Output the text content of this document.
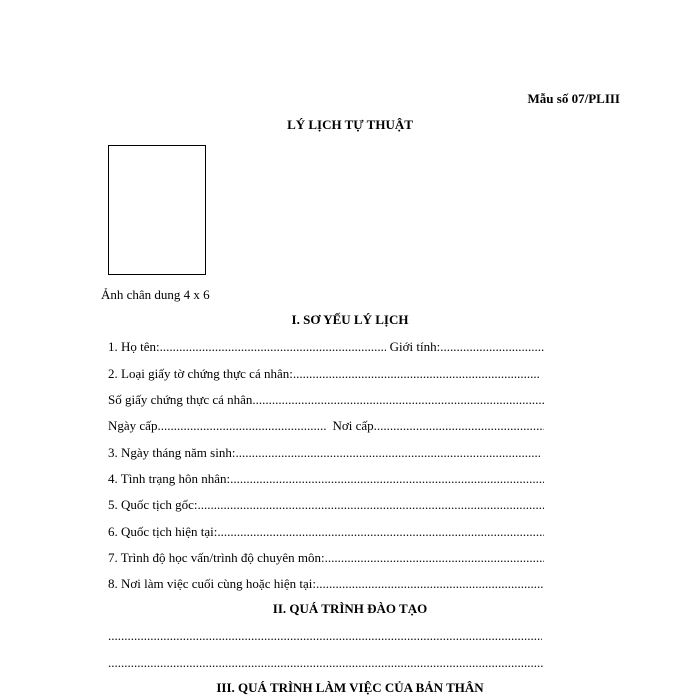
Mẫu số 07/PLIII
LÝ LỊCH TỰ THUẬT
Ảnh chân dung 4 x 6
I. SƠ YẾU LÝ LỊCH
1. Họ tên: .....	Giới tính:
.....
2. Loại giấy tờ chứng thực cá nhân:
.....
Số giấy chứng thực cá nhân
.....
Ngày cấp .....	Nơi cấp
.....
3. Ngày tháng năm sinh:
.....
4. Tình trạng hôn nhân:
.....
5. Quốc tịch gốc:
.....
6. Quốc tịch hiện tại:
.....
7. Trình độ học vấn/trình độ chuyên môn:
.....
8. Nơi làm việc cuối cùng hoặc hiện tại:
.....
II. QUÁ TRÌNH ĐÀO TẠO
.....
.....
III. QUÁ TRÌNH LÀM VIỆC CỦA BẢN THÂN
